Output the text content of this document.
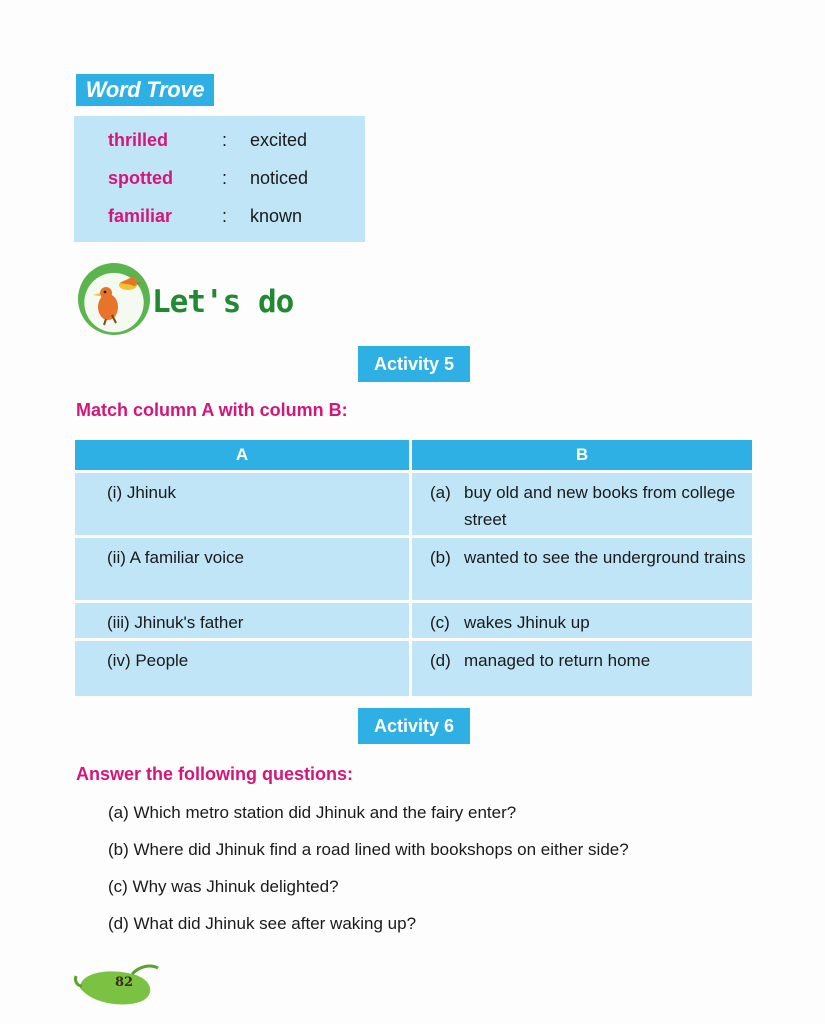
Word Trove
thrilled	: excited
spotted	: noticed
familiar	: known
Let's do
Activity 5
Match column A with column B:
A	B
(i) Jhinuk	(a) buy old and new books from college street
(ii) A familiar voice	(b) wanted to see the underground trains
(iii) Jhinuk's father	(c) wakes Jhinuk up
(iv) People	(d) managed to return home
Activity 6
Answer the following questions:
(a) Which metro station did Jhinuk and the fairy enter?
(b) Where did Jhinuk find a road lined with bookshops on either side?
(c) Why was Jhinuk delighted?
(d) What did Jhinuk see after waking up?
82
